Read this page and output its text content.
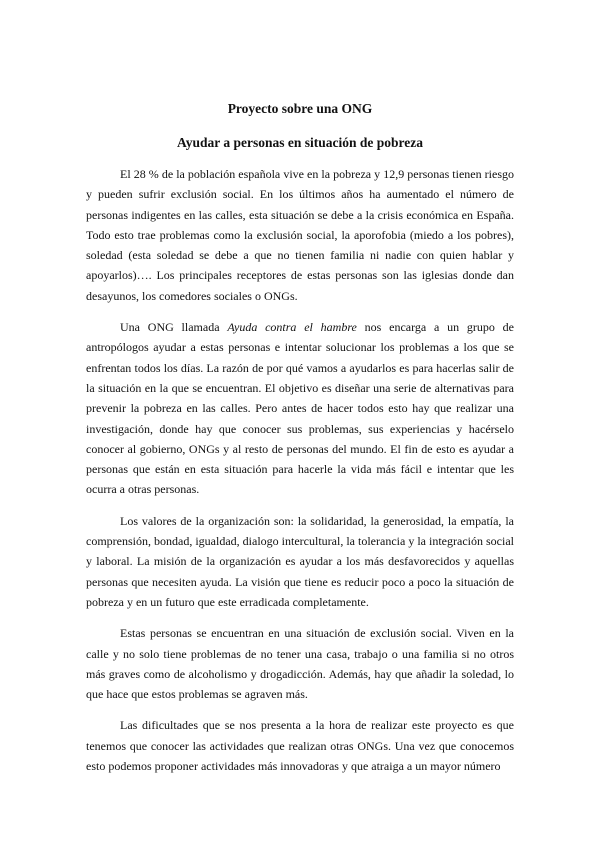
Proyecto sobre una ONG
Ayudar a personas en situación de pobreza

El 28 % de la población española vive en la pobreza y 12,9 personas tienen riesgo y pueden sufrir exclusión social. En los últimos años ha aumentado el número de personas indigentes en las calles, esta situación se debe a la crisis económica en España. Todo esto trae problemas como la exclusión social, la aporofobia (miedo a los pobres), soledad (esta soledad se debe a que no tienen familia ni nadie con quien hablar y apoyarlos)…. Los principales receptores de estas personas son las iglesias donde dan desayunos, los comedores sociales o ONGs.

Una ONG llamada Ayuda contra el hambre nos encarga a un grupo de antropólogos ayudar a estas personas e intentar solucionar los problemas a los que se enfrentan todos los días. La razón de por qué vamos a ayudarlos es para hacerlas salir de la situación en la que se encuentran. El objetivo es diseñar una serie de alternativas para prevenir la pobreza en las calles. Pero antes de hacer todos esto hay que realizar una investigación, donde hay que conocer sus problemas, sus experiencias y hacérselo conocer al gobierno, ONGs y al resto de personas del mundo. El fin de esto es ayudar a personas que están en esta situación para hacerle la vida más fácil e intentar que les ocurra a otras personas.

Los valores de la organización son: la solidaridad, la generosidad, la empatía, la comprensión, bondad, igualdad, dialogo intercultural, la tolerancia y la integración social y laboral. La misión de la organización es ayudar a los más desfavorecidos y aquellas personas que necesiten ayuda. La visión que tiene es reducir poco a poco la situación de pobreza y en un futuro que este erradicada completamente.

Estas personas se encuentran en una situación de exclusión social. Viven en la calle y no solo tiene problemas de no tener una casa, trabajo o una familia si no otros más graves como de alcoholismo y drogadicción. Además, hay que añadir la soledad, lo que hace que estos problemas se agraven más.

Las dificultades que se nos presenta a la hora de realizar este proyecto es que tenemos que conocer las actividades que realizan otras ONGs. Una vez que conocemos esto podemos proponer actividades más innovadoras y que atraiga a un mayor número
